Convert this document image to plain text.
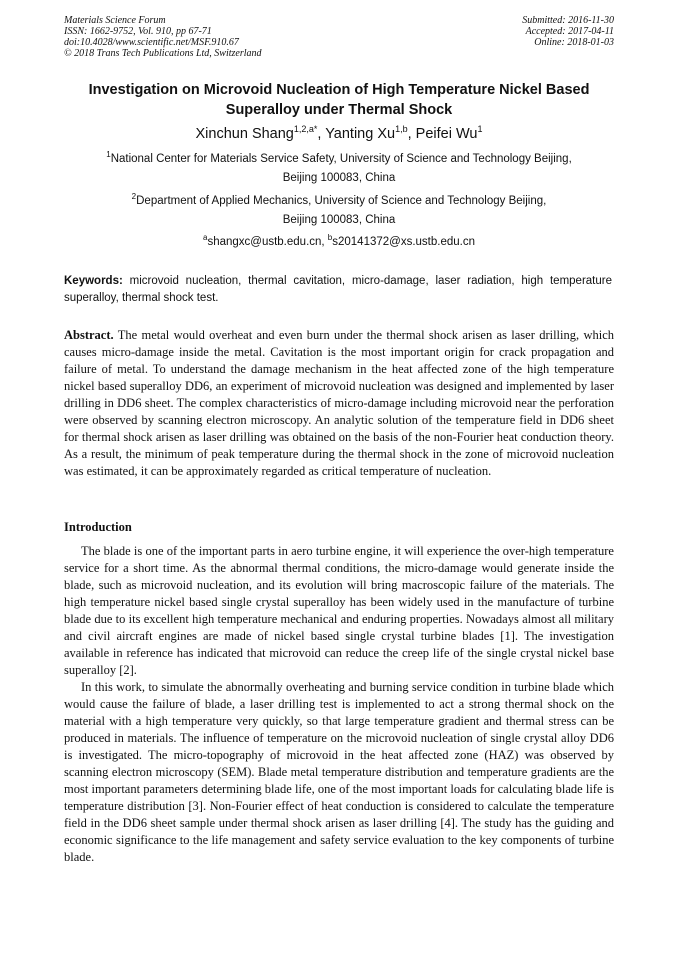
Materials Science Forum
ISSN: 1662-9752, Vol. 910, pp 67-71
doi:10.4028/www.scientific.net/MSF.910.67
© 2018 Trans Tech Publications Ltd, Switzerland
Submitted: 2016-11-30
Accepted: 2017-04-11
Online: 2018-01-03
Investigation on Microvoid Nucleation of High Temperature Nickel Based Superalloy under Thermal Shock
Xinchun Shang$^{1,2,a*}$, Yanting Xu$^{1,b}$, Peifei Wu$^1$
$^1$National Center for Materials Service Safety, University of Science and Technology Beijing,
Beijing 100083, China
$^2$Department of Applied Mechanics, University of Science and Technology Beijing,
Beijing 100083, China
$^a$shangxc@ustb.edu.cn, $^b$s20141372@xs.ustb.edu.cn
Keywords: microvoid nucleation, thermal cavitation, micro-damage, laser radiation, high temperature superalloy, thermal shock test.

Abstract. The metal would overheat and even burn under the thermal shock arisen as laser drilling, which causes micro-damage inside the metal. Cavitation is the most important origin for crack propagation and failure of metal. To understand the damage mechanism in the heat affected zone of the high temperature nickel based superalloy DD6, an experiment of microvoid nucleation was designed and implemented by laser drilling in DD6 sheet. The complex characteristics of micro-damage including microvoid near the perforation were observed by scanning electron microscopy. An analytic solution of the temperature field in DD6 sheet for thermal shock arisen as laser drilling was obtained on the basis of the non-Fourier heat conduction theory. As a result, the minimum of peak temperature during the thermal shock in the zone of microvoid nucleation was estimated, it can be approximately regarded as critical temperature of nucleation.

Introduction

The blade is one of the important parts in aero turbine engine, it will experience the over-high temperature service for a short time. As the abnormal thermal conditions, the micro-damage would generate inside the blade, such as microvoid nucleation, and its evolution will bring macroscopic failure of the materials. The high temperature nickel based single crystal superalloy has been widely used in the manufacture of turbine blade due to its excellent high temperature mechanical and enduring properties. Nowadays almost all military and civil aircraft engines are made of nickel based single crystal turbine blades [1]. The investigation available in reference has indicated that microvoid can reduce the creep life of the single crystal nickel base superalloy [2].

In this work, to simulate the abnormally overheating and burning service condition in turbine blade which would cause the failure of blade, a laser drilling test is implemented to act a strong thermal shock on the material with a high temperature very quickly, so that large temperature gradient and thermal stress can be produced in materials. The influence of temperature on the microvoid nucleation of single crystal alloy DD6 is investigated. The micro-topography of microvoid in the heat affected zone (HAZ) was observed by scanning electron microscopy (SEM). Blade metal temperature distribution and temperature gradients are the most important parameters determining blade life, one of the most important loads for calculating blade life is temperature distribution [3]. Non-Fourier effect of heat conduction is considered to calculate the temperature field in the DD6 sheet sample under thermal shock arisen as laser drilling [4]. The study has the guiding and economic significance to the life management and safety service evaluation to the key components of turbine blade.
